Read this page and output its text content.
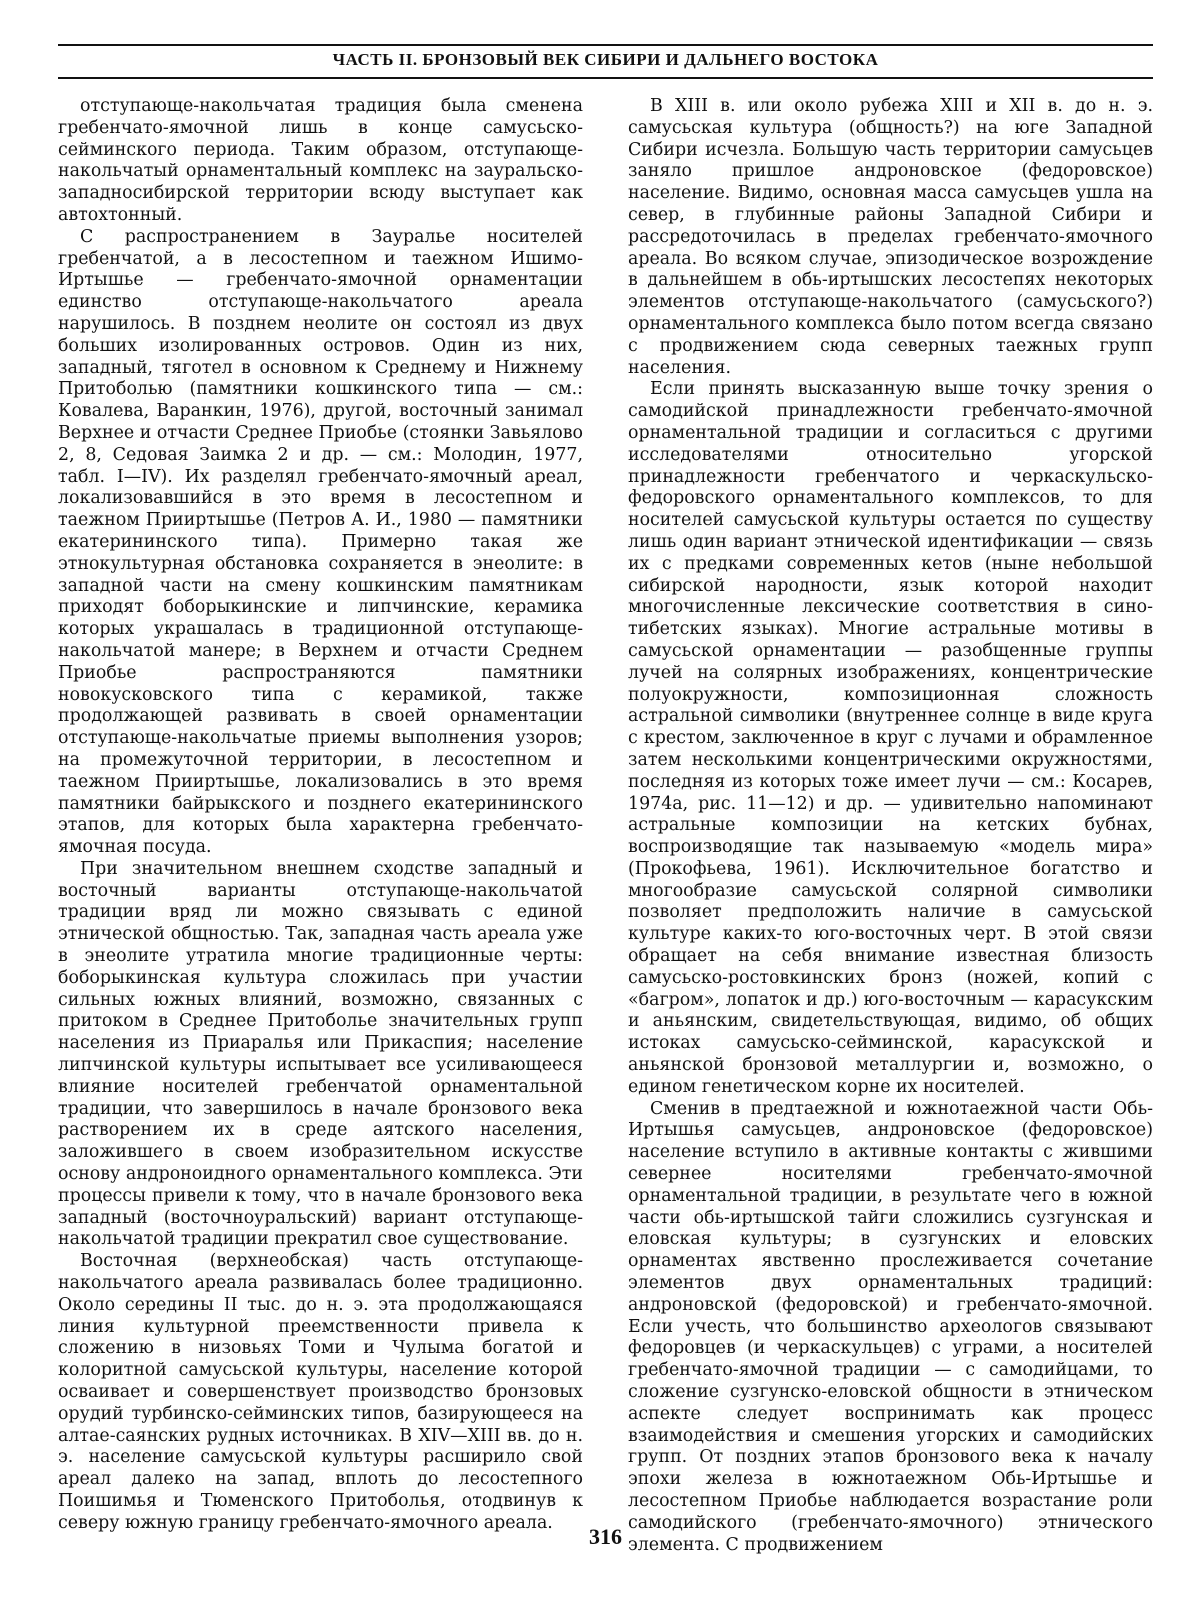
ЧАСТЬ II. БРОНЗОВЫЙ ВЕК СИБИРИ И ДАЛЬНЕГО ВОСТОКА

отступающе-накольчатая традиция была сменена гребенчато-ямочной лишь в конце самусьско-сейминского периода. Таким образом, отступающе-накольчатый орнаментальный комплекс на зауральско-западносибирской территории всюду выступает как автохтонный.

С распространением в Зауралье носителей гребенчатой, а в лесостепном и таежном Ишимо-Иртышье — гребенчато-ямочной орнаментации единство отступающе-накольчатого ареала нарушилось. В позднем неолите он состоял из двух больших изолированных островов. Один из них, западный, тяготел в основном к Среднему и Нижнему Притоболью (памятники кошкинского типа — см.: Ковалева, Варанкин, 1976), другой, восточный занимал Верхнее и отчасти Среднее Приобье (стоянки Завьялово 2, 8, Седовая Заимка 2 и др. — см.: Молодин, 1977, табл. I—IV). Их разделял гребенчато-ямочный ареал, локализовавшийся в это время в лесостепном и таежном Прииртышье (Петров А. И., 1980 — памятники екатерининского типа). Примерно такая же этнокультурная обстановка сохраняется в энеолите: в западной части на смену кошкинским памятникам приходят боборыкинские и липчинские, керамика которых украшалась в традиционной отступающе-накольчатой манере; в Верхнем и отчасти Среднем Приобье распространяются памятники новокусковского типа с керамикой, также продолжающей развивать в своей орнаментации отступающе-накольчатые приемы выполнения узоров; на промежуточной территории, в лесостепном и таежном Прииртышье, локализовались в это время памятники байрыкского и позднего екатерининского этапов, для которых была характерна гребенчато-ямочная посуда.

При значительном внешнем сходстве западный и восточный варианты отступающе-накольчатой традиции вряд ли можно связывать с единой этнической общностью. Так, западная часть ареала уже в энеолите утратила многие традиционные черты: боборыкинская культура сложилась при участии сильных южных влияний, возможно, связанных с притоком в Среднее Притоболье значительных групп населения из Приаралья или Прикаспия; население липчинской культуры испытывает все усиливающееся влияние носителей гребенчатой орнаментальной традиции, что завершилось в начале бронзового века растворением их в среде аятского населения, заложившего в своем изобразительном искусстве основу андроноидного орнаментального комплекса. Эти процессы привели к тому, что в начале бронзового века западный (восточноуральский) вариант отступающе-накольчатой традиции прекратил свое существование.

Восточная (верхнеобская) часть отступающе-накольчатого ареала развивалась более традиционно. Около середины II тыс. до н. э. эта продолжающаяся линия культурной преемственности привела к сложению в низовьях Томи и Чулыма богатой и колоритной самусьской культуры, население которой осваивает и совершенствует производство бронзовых орудий турбинско-сейминских типов, базирующееся на алтае-саянских рудных источниках. В XIV—XIII вв. до н. э. население самусьской культуры расширило свой ареал далеко на запад, вплоть до лесостепного Поишимья и Тюменского Притоболья, отодвинув к северу южную границу гребенчато-ямочного ареала.

В XIII в. или около рубежа XIII и XII в. до н. э. самусьская культура (общность?) на юге Западной Сибири исчезла. Большую часть территории самусьцев заняло пришлое андроновское (федоровское) население. Видимо, основная масса самусьцев ушла на север, в глубинные районы Западной Сибири и рассредоточилась в пределах гребенчато-ямочного ареала. Во всяком случае, эпизодическое возрождение в дальнейшем в обь-иртышских лесостепях некоторых элементов отступающе-накольчатого (самусьского?) орнаментального комплекса было потом всегда связано с продвижением сюда северных таежных групп населения.

Если принять высказанную выше точку зрения о самодийской принадлежности гребенчато-ямочной орнаментальной традиции и согласиться с другими исследователями относительно угорской принадлежности гребенчатого и черкаскульско-федоровского орнаментального комплексов, то для носителей самусьской культуры остается по существу лишь один вариант этнической идентификации — связь их с предками современных кетов (ныне небольшой сибирской народности, язык которой находит многочисленные лексические соответствия в сино-тибетских языках). Многие астральные мотивы в самусьской орнаментации — разобщенные группы лучей на солярных изображениях, концентрические полуокружности, композиционная сложность астральной символики (внутреннее солнце в виде круга с крестом, заключенное в круг с лучами и обрамленное затем несколькими концентрическими окружностями, последняя из которых тоже имеет лучи — см.: Косарев, 1974а, рис. 11—12) и др. — удивительно напоминают астральные композиции на кетских бубнах, воспроизводящие так называемую «модель мира» (Прокофьева, 1961). Исключительное богатство и многообразие самусьской солярной символики позволяет предположить наличие в самусьской культуре каких-то юго-восточных черт. В этой связи обращает на себя внимание известная близость самусьско-ростовкинских бронз (ножей, копий с «багром», лопаток и др.) юго-восточным — карасукским и аньянским, свидетельствующая, видимо, об общих истоках самусьско-сейминской, карасукской и аньянской бронзовой металлургии и, возможно, о едином генетическом корне их носителей.

Сменив в предтаежной и южнотаежной части Обь-Иртышья самусьцев, андроновское (федоровское) население вступило в активные контакты с жившими севернее носителями гребенчато-ямочной орнаментальной традиции, в результате чего в южной части обь-иртышской тайги сложились сузгунская и еловская культуры; в сузгунских и еловских орнаментах явственно прослеживается сочетание элементов двух орнаментальных традиций: андроновской (федоровской) и гребенчато-ямочной. Если учесть, что большинство археологов связывают федоровцев (и черкаскульцев) с уграми, а носителей гребенчато-ямочной традиции — с самодийцами, то сложение сузгунско-еловской общности в этническом аспекте следует воспринимать как процесс взаимодействия и смешения угорских и самодийских групп. От поздних этапов бронзового века к началу эпохи железа в южнотаежном Обь-Иртышье и лесостепном Приобье наблюдается возрастание роли самодийского (гребенчато-ямочного) этнического элемента. С продвижением

316
